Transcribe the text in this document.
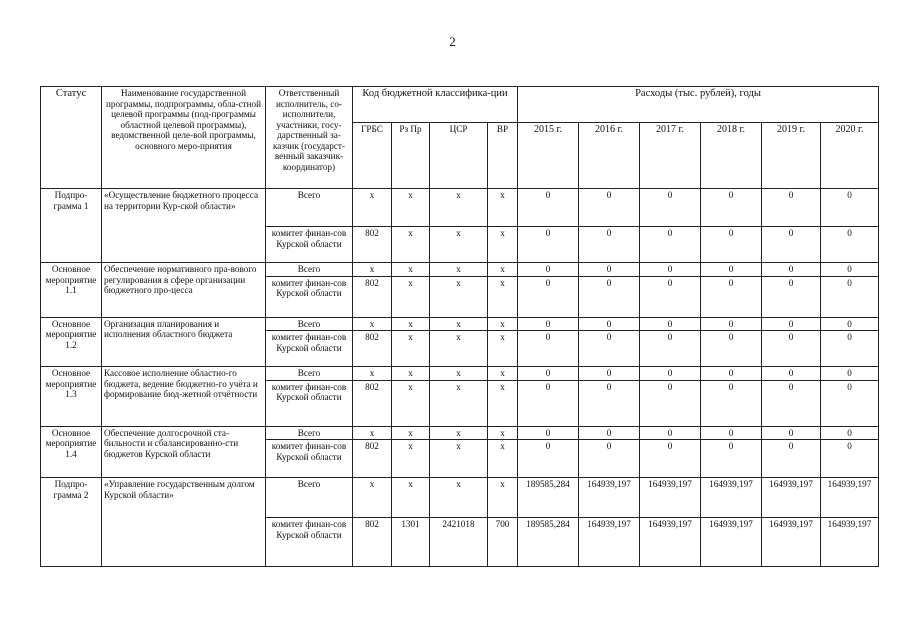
2
Статус	Наименование государственной программы, подпрограммы, обла-стной целевой программы (под-программы областной целевой программы), ведомственной целе-вой программы, основного меро-приятия	Ответственный исполнитель, со-исполнители, участники, госу-дарственный за-казчик (государст-венный заказчик-координатор)	Код бюджетной классифика-ции				Расходы (тыс. рублей), годы					
			ГРБС	Рз Пр	ЦСР	ВР	2015 г.	2016 г.	2017 г.	2018 г.	2019 г.	2020 г.
Подпро-грамма 1	«Осуществление бюджетного процесса на территории Кур-ской области»	Всего	х	х	х	х	0	0	0	0	0	0
		комитет финан-сов Курской области	802	х	х	х	0	0	0	0	0	0
Основное мероприятие 1.1	Обеспечение нормативного пра-вового регулирования в сфере организации бюджетного про-цесса	Всего	х	х	х	х	0	0	0	0	0	0
		комитет финан-сов Курской области	802	х	х	х	0	0	0	0	0	0
Основное мероприятие 1.2	Организация планирования и исполнения областного бюджета	Всего	х	х	х	х	0	0	0	0	0	0
		комитет финан-сов Курской области	802	х	х	х	0	0	0	0	0	0
Основное мероприятие 1.3	Кассовое исполнение областно-го бюджета, ведение бюджетно-го учёта и формирование бюд-жетной отчётности	Всего	х	х	х	х	0	0	0	0	0	0
		комитет финан-сов Курской области	802	х	х	х	0	0	0	0	0	0
Основное мероприятие 1.4	Обеспечение долгосрочной ста-бильности и сбалансированно-сти бюджетов Курской области	Всего	х	х	х	х	0	0	0	0	0	0
		комитет финан-сов Курской области	802	х	х	х	0	0	0	0	0	0
Подпро-грамма 2	«Управление государственным долгом Курской области»	Всего	х	х	х	х	189585,284	164939,197	164939,197	164939,197	164939,197	164939,197
		комитет финан-сов Курской области	802	1301	2421018	700	189585,284	164939,197	164939,197	164939,197	164939,197	164939,197
